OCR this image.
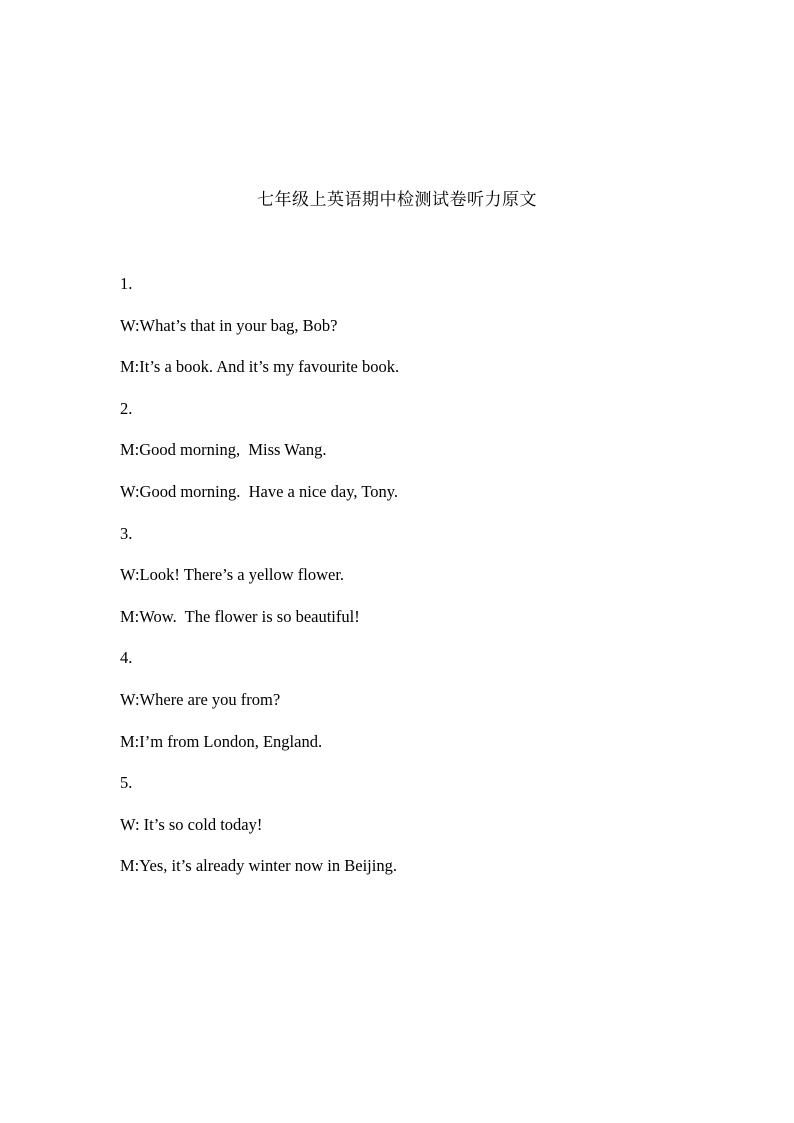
七年级上英语期中检测试卷听力原文
1.
W:What’s that in your bag, Bob?
M:It’s a book. And it’s my favourite book.
2.
M:Good morning,  Miss Wang.
W:Good morning.  Have a nice day, Tony.
3.
W:Look! There’s a yellow flower.
M:Wow.  The flower is so beautiful!
4.
W:Where are you from?
M:I’m from London, England.
5.
W: It’s so cold today!
M:Yes, it’s already winter now in Beijing.
